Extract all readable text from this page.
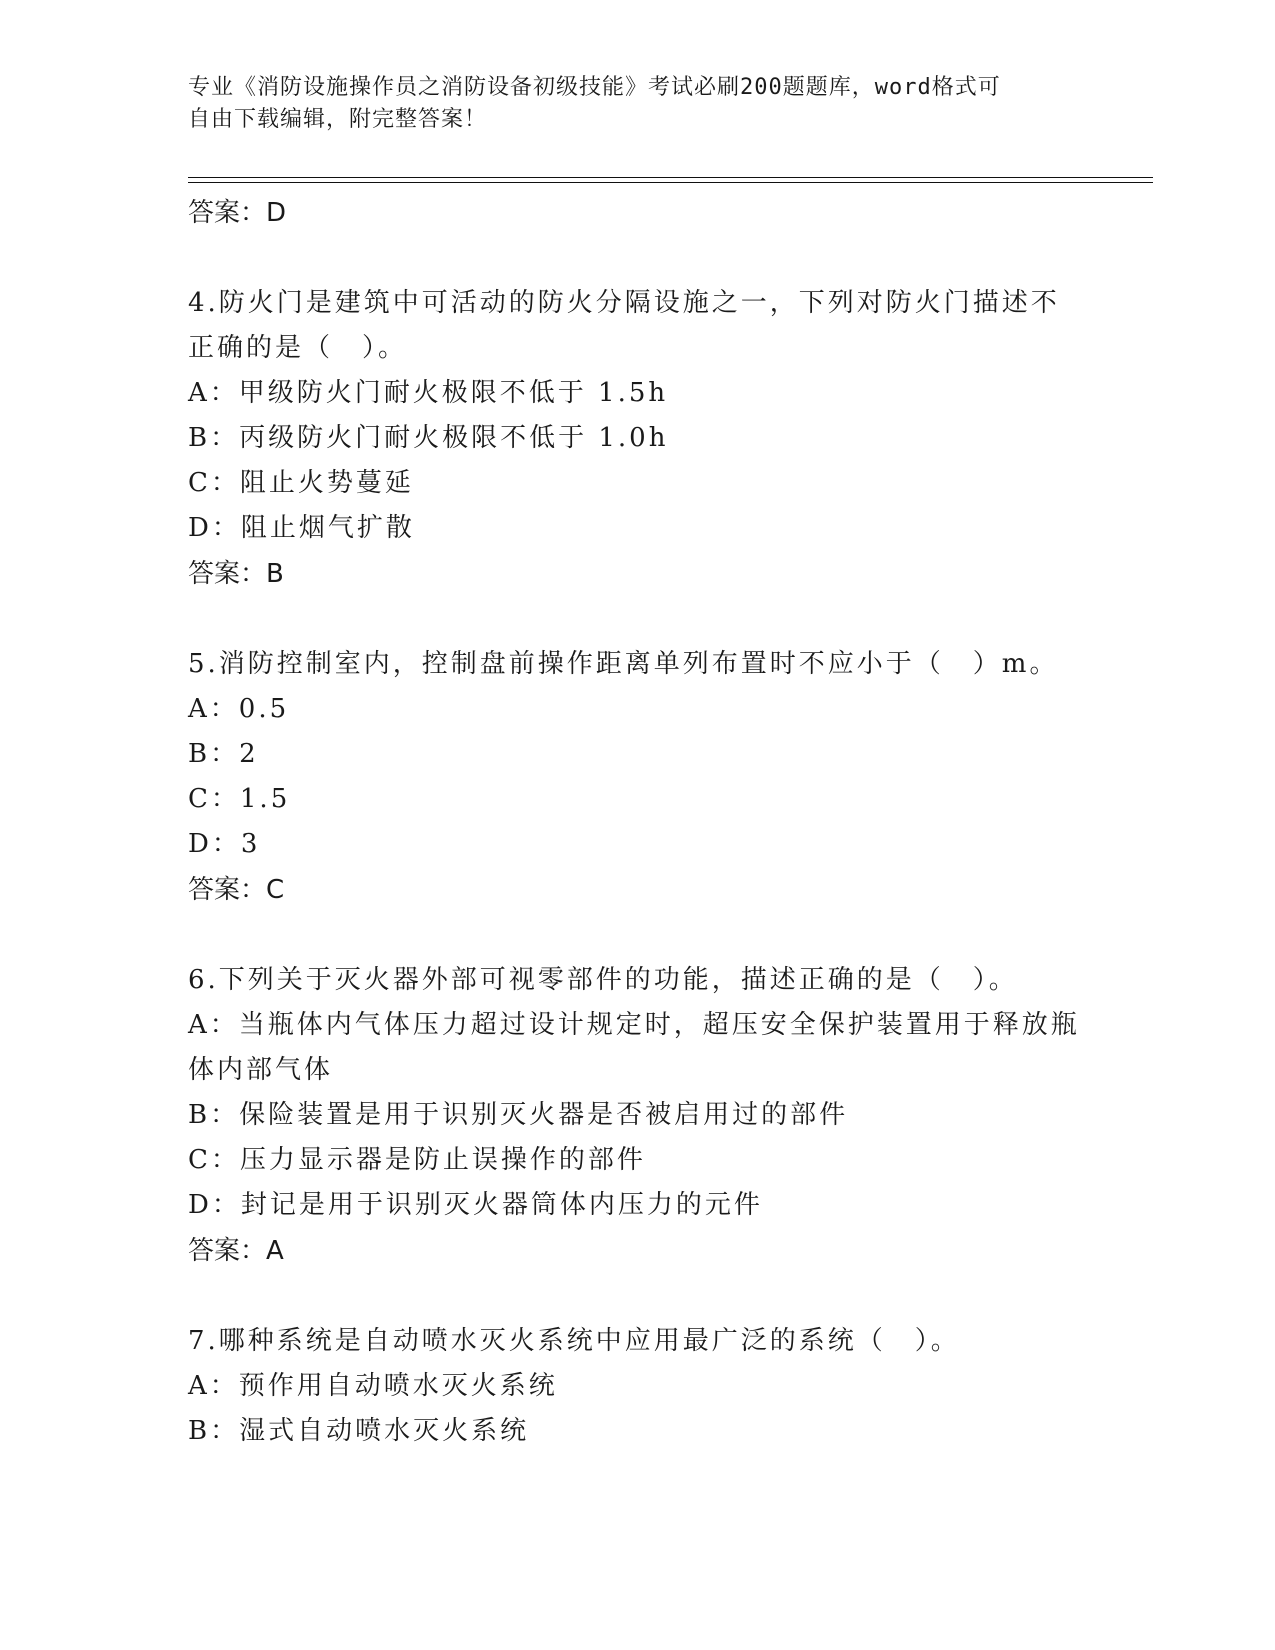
专业《消防设施操作员之消防设备初级技能》考试必刷200题题库，word格式可
自由下载编辑，附完整答案！
答案：D
4.防火门是建筑中可活动的防火分隔设施之一，下列对防火门描述不
正确的是（　）。
A：甲级防火门耐火极限不低于 1.5h
B：丙级防火门耐火极限不低于 1.0h
C：阻止火势蔓延
D：阻止烟气扩散
答案：B
5.消防控制室内，控制盘前操作距离单列布置时不应小于（　）m。
A：0.5
B：2
C：1.5
D：3
答案：C
6.下列关于灭火器外部可视零部件的功能，描述正确的是（　）。
A：当瓶体内气体压力超过设计规定时，超压安全保护装置用于释放瓶
体内部气体
B：保险装置是用于识别灭火器是否被启用过的部件
C：压力显示器是防止误操作的部件
D：封记是用于识别灭火器筒体内压力的元件
答案：A
7.哪种系统是自动喷水灭火系统中应用最广泛的系统（　）。
A：预作用自动喷水灭火系统
B：湿式自动喷水灭火系统
